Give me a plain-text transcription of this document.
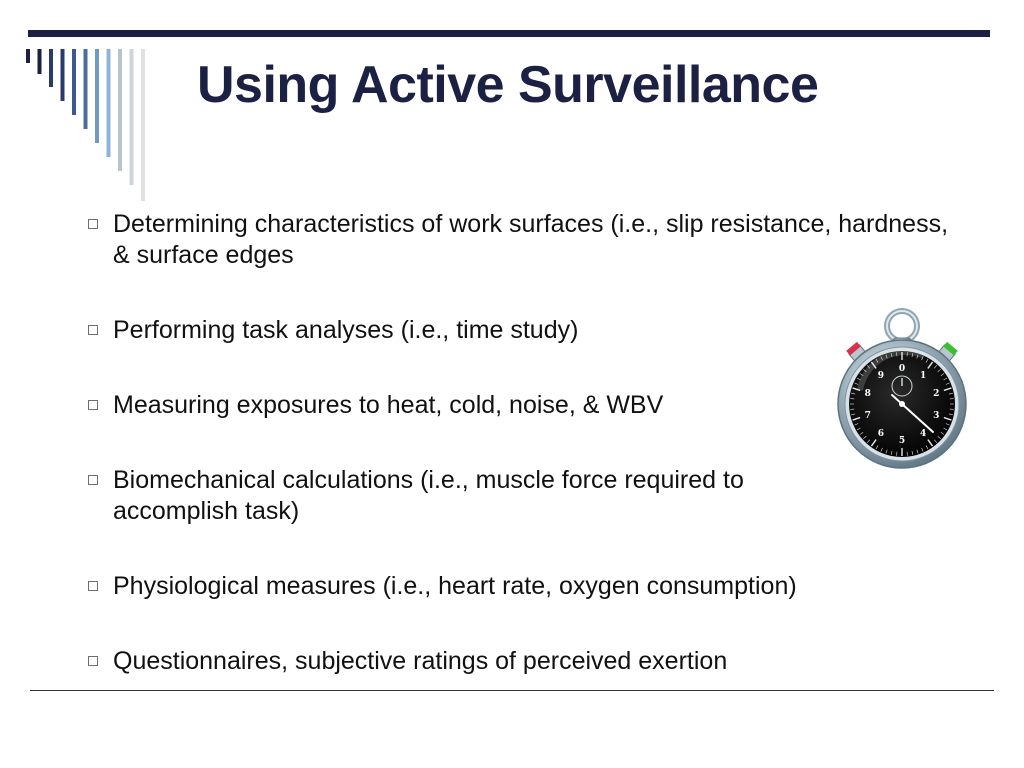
Using Active Surveillance
Determining characteristics of work surfaces (i.e., slip resistance, hardness, & surface edges
Performing task analyses (i.e., time study)
Measuring exposures to heat, cold, noise, & WBV
Biomechanical calculations (i.e., muscle force required to accomplish task)
Physiological measures (i.e., heart rate, oxygen consumption)
Questionnaires, subjective ratings of perceived exertion
0
1
2
3
4
5
6
7
8
9
